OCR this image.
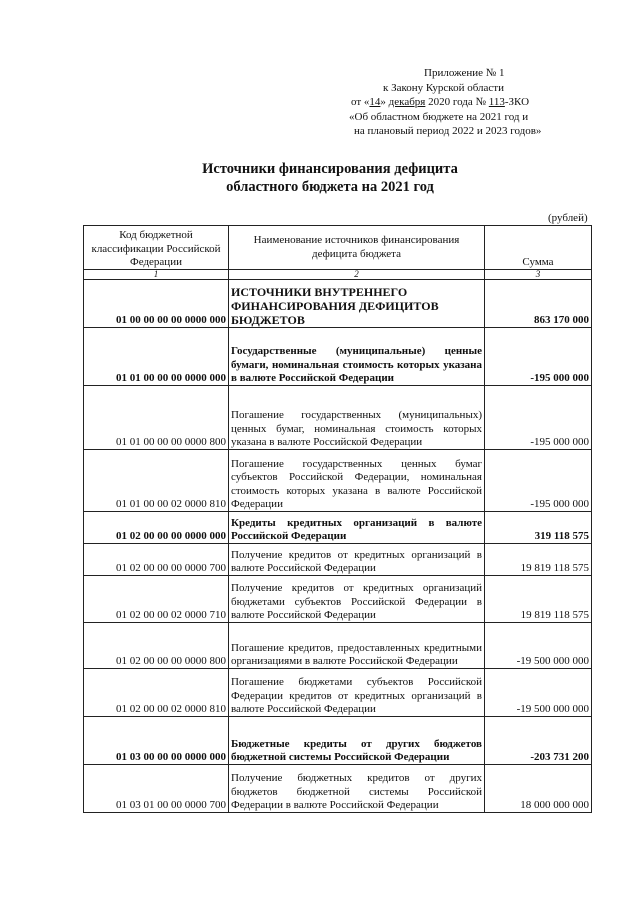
Приложение № 1
к Закону Курской области
от «14» декабря 2020 года № 113-ЗКО
«Об областном бюджете на 2021 год и
на плановый период 2022 и 2023 годов»
Источники финансирования дефицита
областного бюджета на 2021 год
(рублей)
Код бюджетной классификации Российской Федерации	Наименование источников финансирования дефицита бюджета	Сумма
1	2	3
01 00 00 00 00 0000 000	ИСТОЧНИКИ ВНУТРЕННЕГО ФИНАНСИРОВАНИЯ ДЕФИЦИТОВ БЮДЖЕТОВ	863 170 000
01 01 00 00 00 0000 000	Государственные (муниципальные) ценные бумаги, номинальная стоимость которых указана в валюте Российской Федерации	-195 000 000
01 01 00 00 00 0000 800	Погашение государственных (муниципальных) ценных бумаг, номинальная стоимость которых указана в валюте Российской Федерации	-195 000 000
01 01 00 00 02 0000 810	Погашение государственных ценных бумаг субъектов Российской Федерации, номинальная стоимость которых указана в валюте Российской Федерации	-195 000 000
01 02 00 00 00 0000 000	Кредиты кредитных организаций в валюте Российской Федерации	319 118 575
01 02 00 00 00 0000 700	Получение кредитов от кредитных организаций в валюте Российской Федерации	19 819 118 575
01 02 00 00 02 0000 710	Получение кредитов от кредитных организаций бюджетами субъектов Российской Федерации в валюте Российской Федерации	19 819 118 575
01 02 00 00 00 0000 800	Погашение кредитов, предоставленных кредитными организациями в валюте Российской Федерации	-19 500 000 000
01 02 00 00 02 0000 810	Погашение бюджетами субъектов Российской Федерации кредитов от кредитных организаций в валюте Российской Федерации	-19 500 000 000
01 03 00 00 00 0000 000	Бюджетные кредиты от других бюджетов бюджетной системы Российской Федерации	-203 731 200
01 03 01 00 00 0000 700	Получение бюджетных кредитов от других бюджетов бюджетной системы Российской Федерации в валюте Российской Федерации	18 000 000 000
